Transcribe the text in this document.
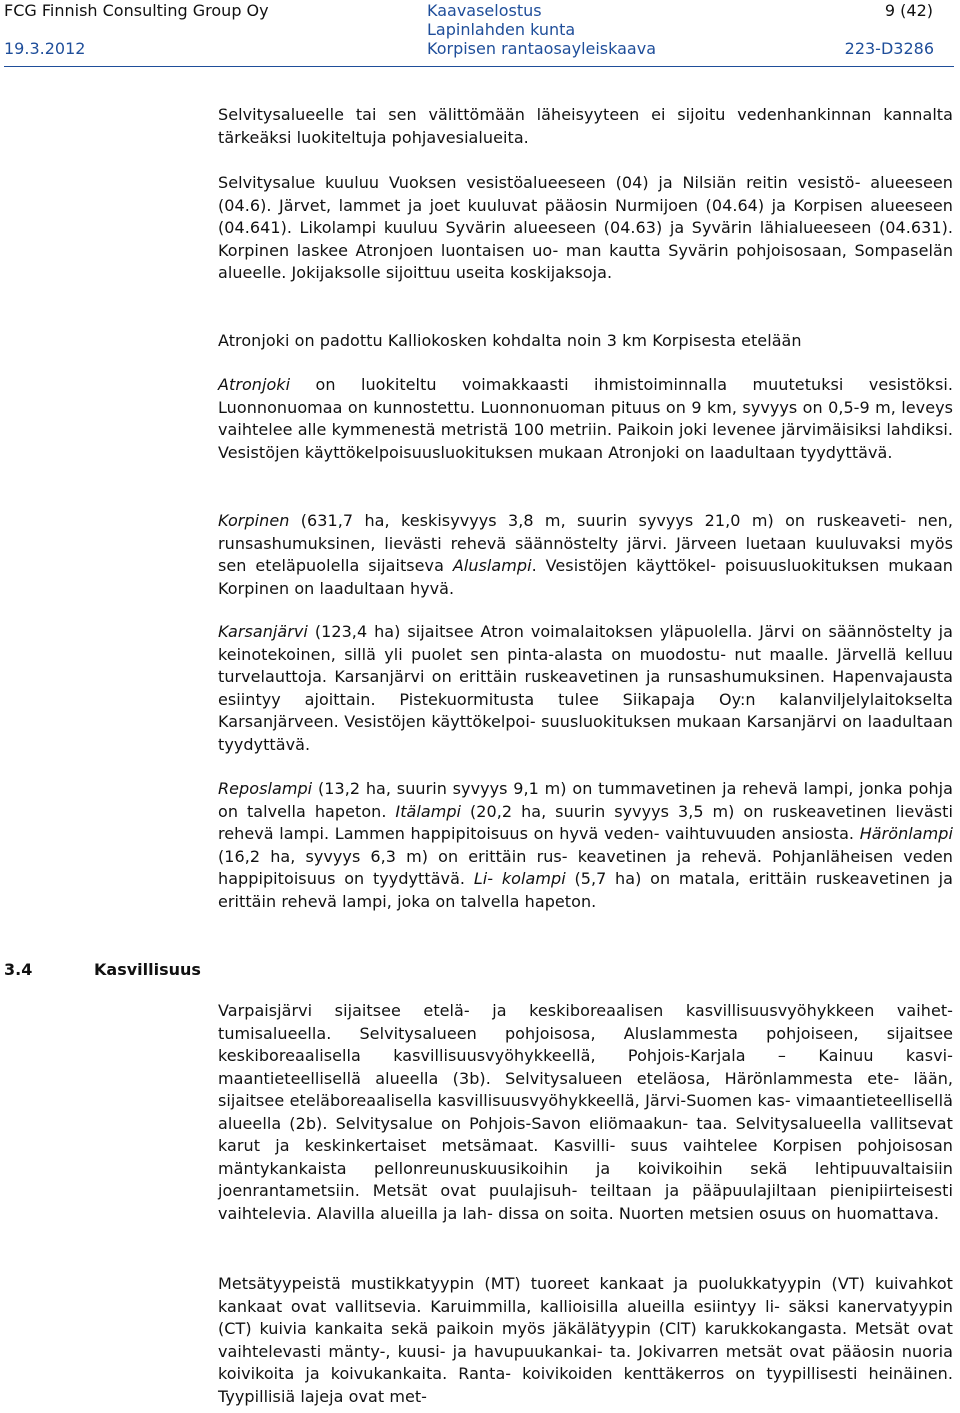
FCG Finnish Consulting Group Oy
19.3.2012
Kaavaselostus
Lapinlahden kunta
Korpisen rantaosayleiskaava
9 (42)
223-D3286
3.4	Kasvillisuus

Selvitysalueelle tai sen välittömään läheisyyteen ei sijoitu vedenhankinnan kannalta tärkeäksi luokiteltuja pohjavesialueita.

Selvitysalue kuuluu Vuoksen vesistöalueeseen (04) ja Nilsiän reitin vesistö- alueeseen (04.6). Järvet, lammet ja joet kuuluvat pääosin Nurmijoen (04.64) ja Korpisen alueeseen (04.641). Likolampi kuuluu Syvärin alueeseen (04.63) ja Syvärin lähialueeseen (04.631). Korpinen laskee Atronjoen luontaisen uo- man kautta Syvärin pohjoisosaan, Sompaselän alueelle. Jokijaksolle sijoittuu useita koskijaksoja.

Atronjoki on padottu Kalliokosken kohdalta noin 3 km Korpisesta etelään

Atronjoki on luokiteltu voimakkaasti ihmistoiminnalla muutetuksi vesistöksi. Luonnonuomaa on kunnostettu. Luonnonuoman pituus on 9 km, syvyys on 0,5-9 m, leveys vaihtelee alle kymmenestä metristä 100 metriin. Paikoin joki levenee järvimäisiksi lahdiksi. Vesistöjen käyttökelpoisuusluokituksen mukaan Atronjoki on laadultaan tyydyttävä.

Korpinen (631,7 ha, keskisyvyys 3,8 m, suurin syvyys 21,0 m) on ruskeaveti- nen, runsashumuksinen, lievästi rehevä säännöstelty järvi. Järveen luetaan kuuluvaksi myös sen eteläpuolella sijaitseva Aluslampi. Vesistöjen käyttökel- poisuusluokituksen mukaan Korpinen on laadultaan hyvä.

Karsanjärvi (123,4 ha) sijaitsee Atron voimalaitoksen yläpuolella. Järvi on säännöstelty ja keinotekoinen, sillä yli puolet sen pinta-alasta on muodostu- nut maalle. Järvellä kelluu turvelauttoja. Karsanjärvi on erittäin ruskeavetinen ja runsashumuksinen. Hapenvajausta esiintyy ajoittain. Pistekuormitusta tulee Siikapaja Oy:n kalanviljelylaitokselta Karsanjärveen. Vesistöjen käyttökelpoi- suusluokituksen mukaan Karsanjärvi on laadultaan tyydyttävä.

Reposlampi (13,2 ha, suurin syvyys 9,1 m) on tummavetinen ja rehevä lampi, jonka pohja on talvella hapeton. Itälampi (20,2 ha, suurin syvyys 3,5 m) on ruskeavetinen lievästi rehevä lampi. Lammen happipitoisuus on hyvä veden- vaihtuvuuden ansiosta. Härönlampi (16,2 ha, syvyys 6,3 m) on erittäin rus- keavetinen ja rehevä. Pohjanläheisen veden happipitoisuus on tyydyttävä. Li- kolampi (5,7 ha) on matala, erittäin ruskeavetinen ja erittäin rehevä lampi, joka on talvella hapeton.

Varpaisjärvi sijaitsee etelä- ja keskiboreaalisen kasvillisuusvyöhykkeen vaihet- tumisalueella. Selvitysalueen pohjoisosa, Aluslammesta pohjoiseen, sijaitsee keskiboreaalisella kasvillisuusvyöhykkeellä, Pohjois-Karjala – Kainuu kasvi- maantieteellisellä alueella (3b). Selvitysalueen eteläosa, Härönlammesta ete- lään, sijaitsee eteläboreaalisella kasvillisuusvyöhykkeellä, Järvi-Suomen kas- vimaantieteellisellä alueella (2b). Selvitysalue on Pohjois-Savon eliömaakun- taa. Selvitysalueella vallitsevat karut ja keskinkertaiset metsämaat. Kasvilli- suus vaihtelee Korpisen pohjoisosan mäntykankaista pellonreunuskuusikoihin ja koivikoihin sekä lehtipuuvaltaisiin joenrantametsiin. Metsät ovat puulajisuh- teiltaan ja pääpuulajiltaan pienipiirteisesti vaihtelevia. Alavilla alueilla ja lah- dissa on soita. Nuorten metsien osuus on huomattava.

Metsätyypeistä mustikkatyypin (MT) tuoreet kankaat ja puolukkatyypin (VT) kuivahkot kankaat ovat vallitsevia. Karuimmilla, kallioisilla alueilla esiintyy li- säksi kanervatyypin (CT) kuivia kankaita sekä paikoin myös jäkälätyypin (ClT) karukkokangasta. Metsät ovat vaihtelevasti mänty-, kuusi- ja havupuukankai- ta. Jokivarren metsät ovat pääosin nuoria koivikoita ja koivukankaita. Ranta- koivikoiden kenttäkerros on tyypillisesti heinäinen. Tyypillisiä lajeja ovat met-
